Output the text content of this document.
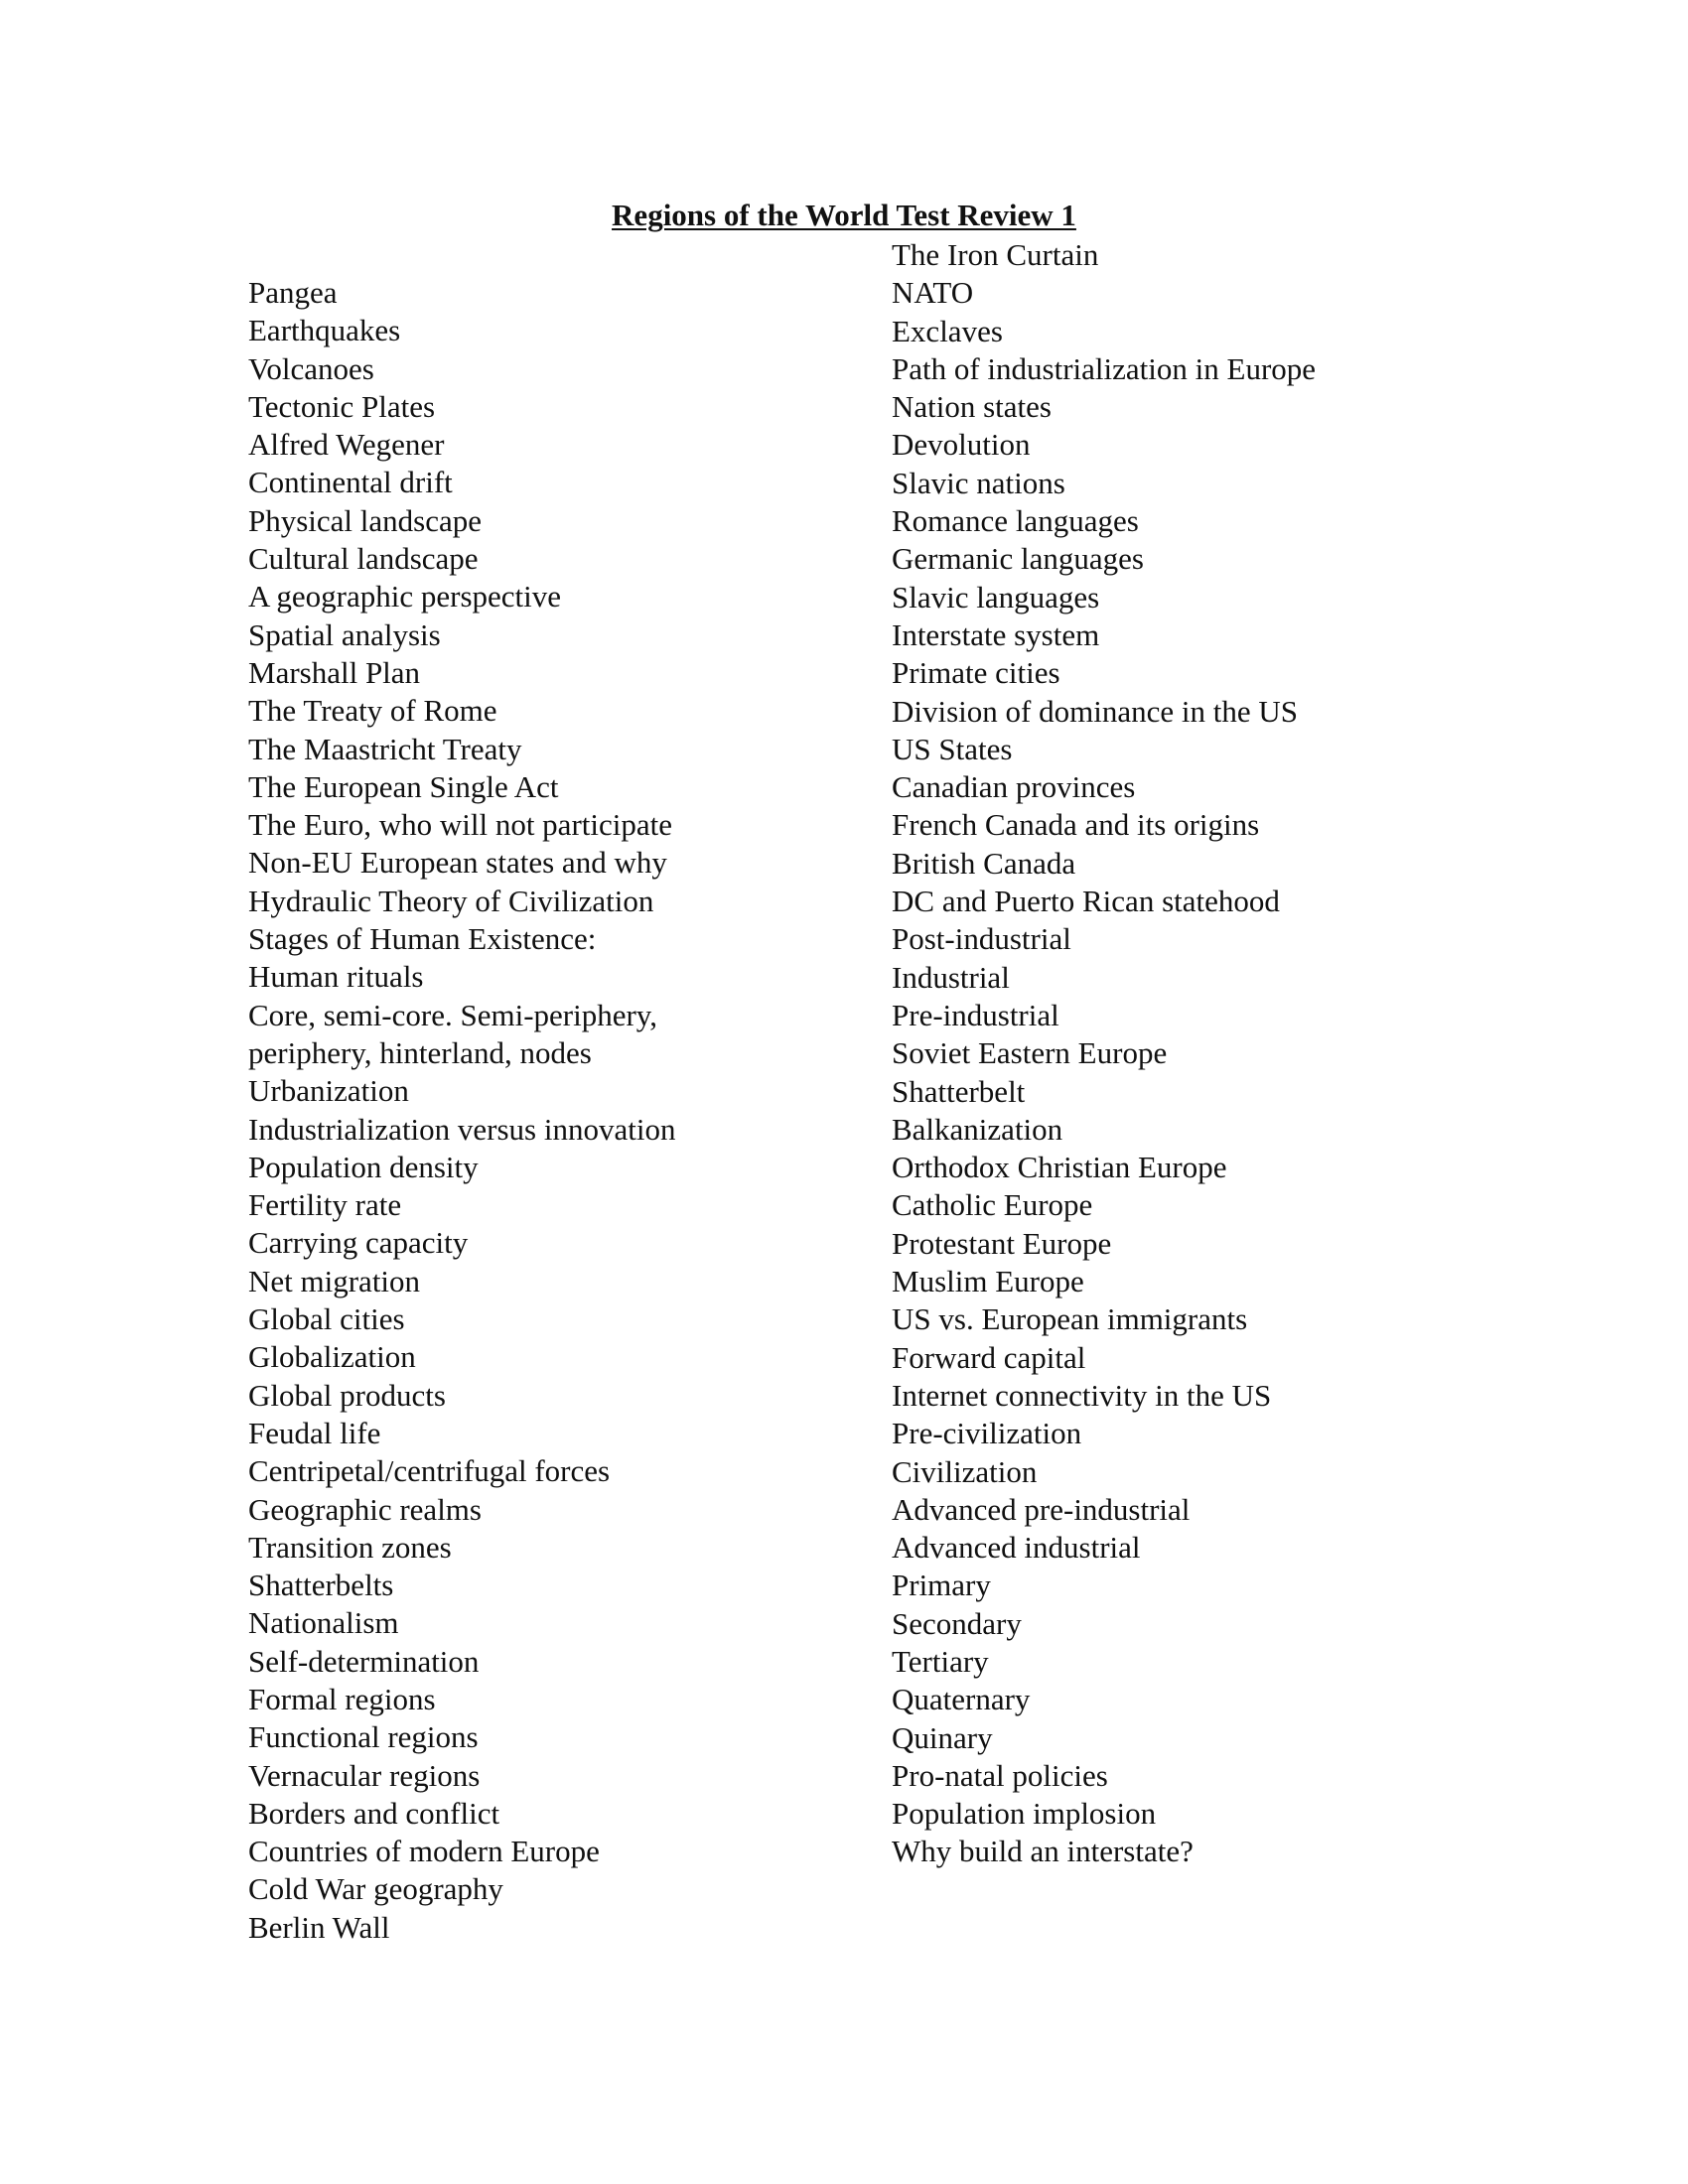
Regions of the World Test Review 1
Pangea
Earthquakes
Volcanoes
Tectonic Plates
Alfred Wegener
Continental drift
Physical landscape
Cultural landscape
A geographic perspective
Spatial analysis
Marshall Plan
The Treaty of Rome
The Maastricht Treaty
The European Single Act
The Euro, who will not participate
Non-EU European states and why
Hydraulic Theory of Civilization
Stages of Human Existence:
Human rituals
Core, semi-core. Semi-periphery,
periphery, hinterland, nodes
Urbanization
Industrialization versus innovation
Population density
Fertility rate
Carrying capacity
Net migration
Global cities
Globalization
Global products
Feudal life
Centripetal/centrifugal forces
Geographic realms
Transition zones
Shatterbelts
Nationalism
Self-determination
Formal regions
Functional regions
Vernacular regions
Borders and conflict
Countries of modern Europe
Cold War geography
Berlin Wall
The Iron Curtain
NATO
Exclaves
Path of industrialization in Europe
Nation states
Devolution
Slavic nations
Romance languages
Germanic languages
Slavic languages
Interstate system
Primate cities
Division of dominance in the US
US States
Canadian provinces
French Canada and its origins
British Canada
DC and Puerto Rican statehood
Post-industrial
Industrial
Pre-industrial
Soviet Eastern Europe
Shatterbelt
Balkanization
Orthodox Christian Europe
Catholic Europe
Protestant Europe
Muslim Europe
US vs. European immigrants
Forward capital
Internet connectivity in the US
Pre-civilization
Civilization
Advanced pre-industrial
Advanced industrial
Primary
Secondary
Tertiary
Quaternary
Quinary
Pro-natal policies
Population implosion
Why build an interstate?
